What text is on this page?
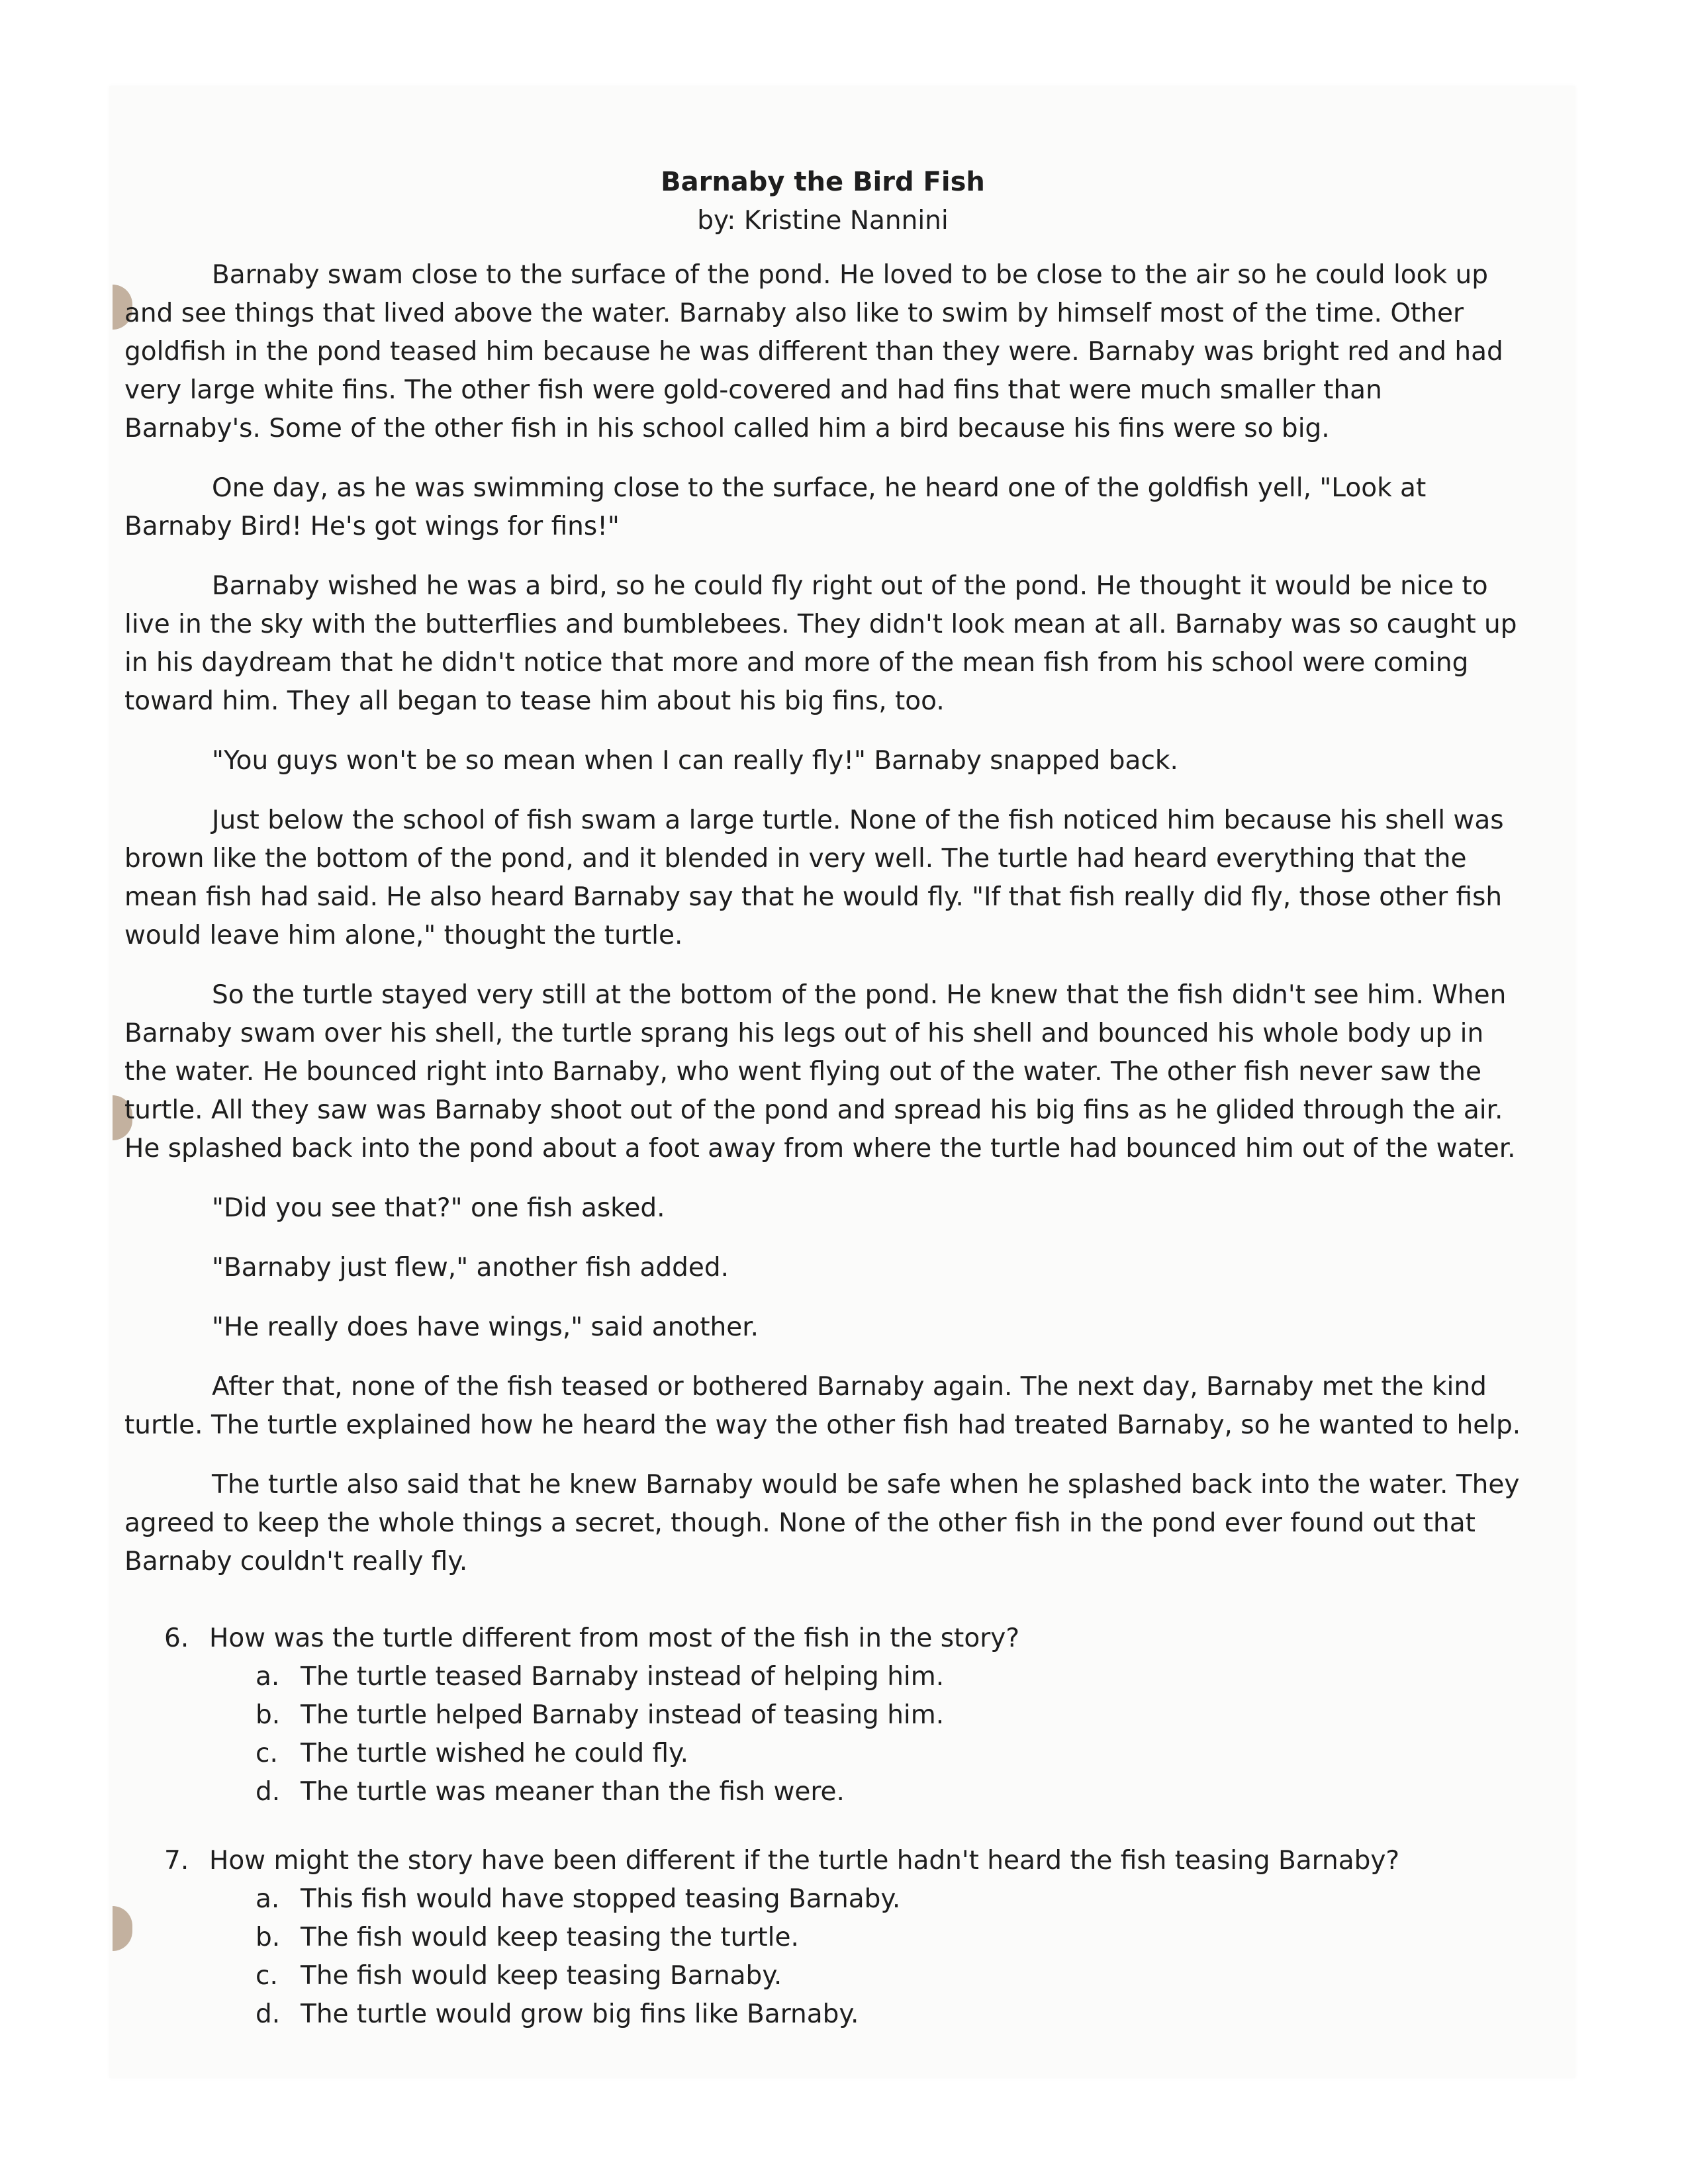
Barnaby the Bird Fish

by: Kristine Nannini

Barnaby swam close to the surface of the pond. He loved to be close to the air so he could look up and see things that lived above the water. Barnaby also like to swim by himself most of the time. Other goldfish in the pond teased him because he was different than they were. Barnaby was bright red and had very large white fins. The other fish were gold-covered and had fins that were much smaller than Barnaby's. Some of the other fish in his school called him a bird because his fins were so big.

One day, as he was swimming close to the surface, he heard one of the goldfish yell, "Look at Barnaby Bird! He's got wings for fins!"

Barnaby wished he was a bird, so he could fly right out of the pond. He thought it would be nice to live in the sky with the butterflies and bumblebees. They didn't look mean at all. Barnaby was so caught up in his daydream that he didn't notice that more and more of the mean fish from his school were coming toward him. They all began to tease him about his big fins, too.

"You guys won't be so mean when I can really fly!" Barnaby snapped back.

Just below the school of fish swam a large turtle. None of the fish noticed him because his shell was brown like the bottom of the pond, and it blended in very well. The turtle had heard everything that the mean fish had said. He also heard Barnaby say that he would fly. "If that fish really did fly, those other fish would leave him alone," thought the turtle.

So the turtle stayed very still at the bottom of the pond. He knew that the fish didn't see him. When Barnaby swam over his shell, the turtle sprang his legs out of his shell and bounced his whole body up in the water. He bounced right into Barnaby, who went flying out of the water. The other fish never saw the turtle. All they saw was Barnaby shoot out of the pond and spread his big fins as he glided through the air. He splashed back into the pond about a foot away from where the turtle had bounced him out of the water.

"Did you see that?" one fish asked.

"Barnaby just flew," another fish added.

"He really does have wings," said another.

After that, none of the fish teased or bothered Barnaby again. The next day, Barnaby met the kind turtle. The turtle explained how he heard the way the other fish had treated Barnaby, so he wanted to help.

The turtle also said that he knew Barnaby would be safe when he splashed back into the water. They agreed to keep the whole things a secret, though. None of the other fish in the pond ever found out that Barnaby couldn't really fly.

6. How was the turtle different from most of the fish in the story?
a. The turtle teased Barnaby instead of helping him.
b. The turtle helped Barnaby instead of teasing him.
c. The turtle wished he could fly.
d. The turtle was meaner than the fish were.
7. How might the story have been different if the turtle hadn't heard the fish teasing Barnaby?
a. This fish would have stopped teasing Barnaby.
b. The fish would keep teasing the turtle.
c. The fish would keep teasing Barnaby.
d. The turtle would grow big fins like Barnaby.
